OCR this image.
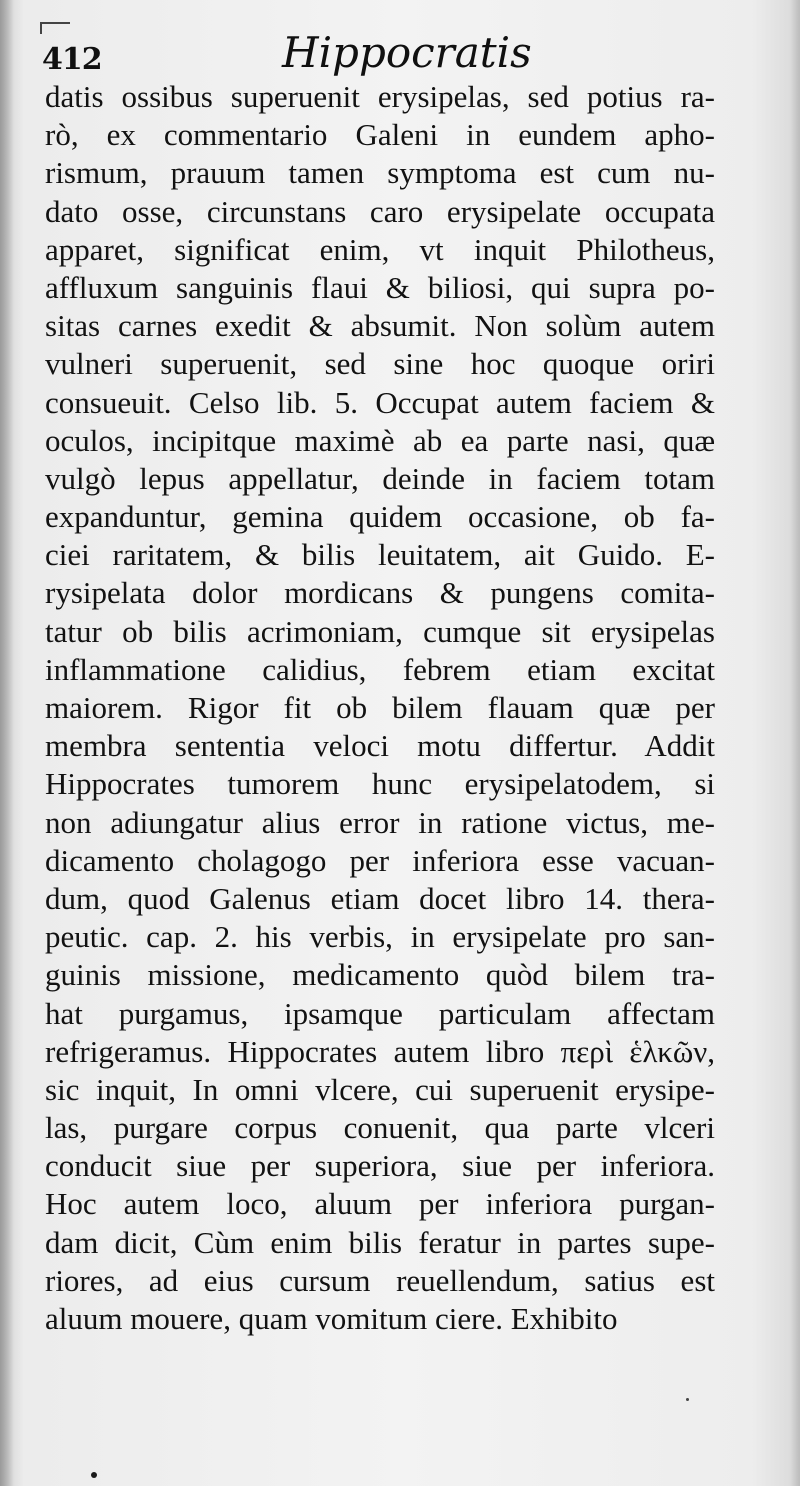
412	Hippocratis
datis ossibus superuenit erysipelas, sed potius ra-
rò, ex commentario Galeni in eundem apho-
rismum, prauum tamen symptoma est cum nu-
dato osse, circunstans caro erysipelate occupata
apparet, significat enim, vt inquit Philotheus,
affluxum sanguinis flaui & biliosi, qui supra po-
sitas carnes exedit & absumit. Non solùm autem
vulneri superuenit, sed sine hoc quoque oriri
consueuit. Celso lib. 5. Occupat autem faciem &
oculos, incipitque maximè ab ea parte nasi, quæ
vulgò lepus appellatur, deinde in faciem totam
expanduntur, gemina quidem occasione, ob fa-
ciei raritatem, & bilis leuitatem, ait Guido. E-
rysipelata dolor mordicans & pungens comita-
tatur ob bilis acrimoniam, cumque sit erysipelas
inflammatione calidius, febrem etiam excitat
maiorem. Rigor fit ob bilem flauam quæ per
membra sententia veloci motu differtur. Addit
Hippocrates tumorem hunc erysipelatodem, si
non adiungatur alius error in ratione victus, me-
dicamento cholagogo per inferiora esse vacuan-
dum, quod Galenus etiam docet libro 14. thera-
peutic. cap. 2. his verbis, in erysipelate pro san-
guinis missione, medicamento quòd bilem tra-
hat purgamus, ipsamque particulam affectam
refrigeramus. Hippocrates autem libro περὶ ἑλκῶν,
sic inquit, In omni vlcere, cui superuenit erysipe-
las, purgare corpus conuenit, qua parte vlceri
conducit siue per superiora, siue per inferiora.
Hoc autem loco, aluum per inferiora purgan-
dam dicit, Cùm enim bilis feratur in partes supe-
riores, ad eius cursum reuellendum, satius est
aluum mouere, quam vomitum ciere. Exhibito
